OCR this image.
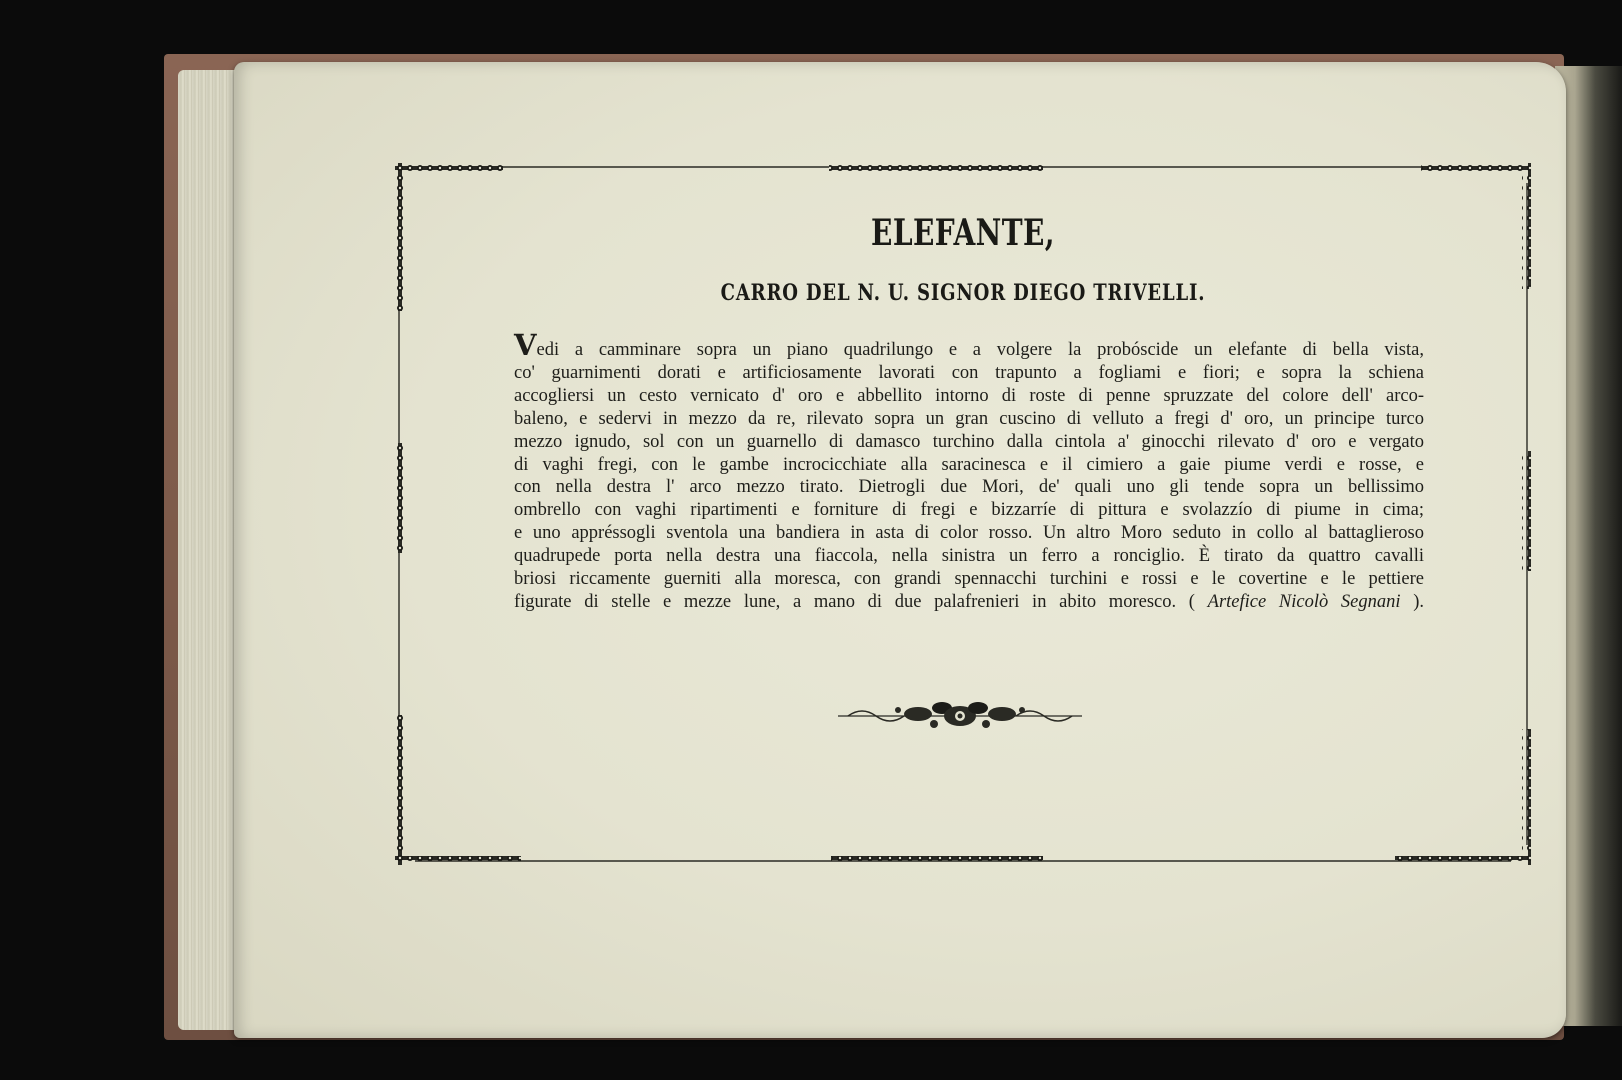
ELEFANTE,
CARRO DEL N. U. SIGNOR DIEGO TRIVELLI.
Vedi a camminare sopra un piano quadrilungo e a volgere la probóscide un elefante di bella vista,
co' guarnimenti dorati e artificiosamente lavorati con trapunto a fogliami e fiori; e sopra la schiena
accogliersi un cesto vernicato d' oro e abbellito intorno di roste di penne spruzzate del colore dell' arco-
baleno, e sedervi in mezzo da re, rilevato sopra un gran cuscino di velluto a fregi d' oro, un principe turco
mezzo ignudo, sol con un guarnello di damasco turchino dalla cintola a' ginocchi rilevato d' oro e vergato
di vaghi fregi, con le gambe incrocicchiate alla saracinesca e il cimiero a gaie piume verdi e rosse, e
con nella destra l' arco mezzo tirato. Dietrogli due Mori, de' quali uno gli tende sopra un bellissimo
ombrello con vaghi ripartimenti e forniture di fregi e bizzarríe di pittura e svolazzío di piume in cima;
e uno appréssogli sventola una bandiera in asta di color rosso. Un altro Moro seduto in collo al battaglieroso
quadrupede porta nella destra una fiaccola, nella sinistra un ferro a ronciglio. È tirato da quattro cavalli
briosi riccamente guerniti alla moresca, con grandi spennacchi turchini e rossi e le covertine e le pettiere
figurate di stelle e mezze lune, a mano di due palafrenieri in abito moresco. ( Artefice Nicolò Segnani ).
